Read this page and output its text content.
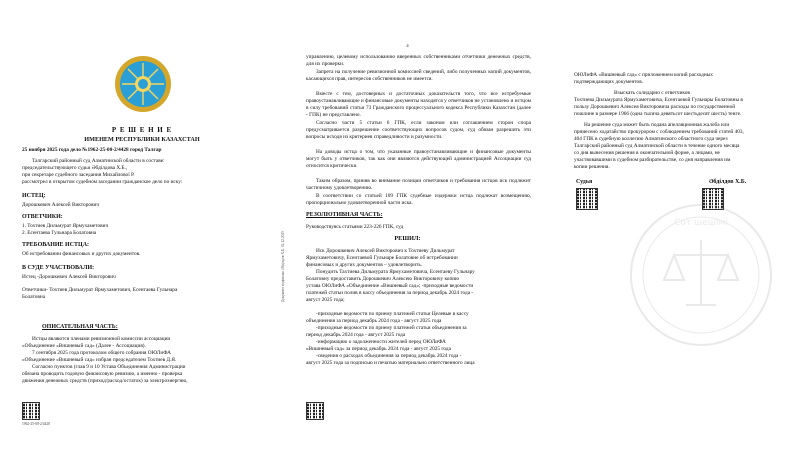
Р Е Ш Е Н И Е
ИМЕНЕМ РЕСПУБЛИКИ КАЗАХСТАН
25 ноября 2025 года дело №1962-25-00-2/4428 город Талгар
Талгарский районный суд Алматинской области в составе:
председательствующего судьи Әбділдова Х.Б.,
при секретаре судебного заседания Михайлової Р.
рассмотрел в открытом судебном заседании гражданское дело по иску:
ИСТЕЦ:
Дорошкевич Алексей Викторович
ОТВЕТЧИКИ:
1. Тохтиев Дильмурат Ярмухаметович
2. Есентаева Гульнара Болатовна
ТРЕБОВАНИЕ ИСТЦА:
Об истребовании финансовых и других документов.
В СУДЕ УЧАСТВОВАЛИ:
Истец -Дорошкевич Алексей Викторович
Ответчики- Тохтиев Дильмурат Ярмухаметович, Есентаева Гульнара
Болатовна
ОПИСАТЕЛЬНАЯ ЧАСТЬ:
Истцы являются членами ревизионной комиссии ассоциации
«Объединение «Вишневый сад» (Далее - Ассоциация).
7 сентября 2025 года протоколом общего собрания ОЮЛиФА
«Объединение «Вишневый сад» избран председателем Тохтиев Д.Я.
Согласно пунктов (глав 9 и 10 Устава Объединения Администрации
обязана проводить годовую финансовую ревизию, а именно - проверка
движения денежных средств (приход/расход/остаток) за электроэнергию,
1962-25-00-2/4428
4
Документ подписан: Әбділдов Х.Б. 02.12.2025
управлению, целевому использованию вверенных собственниками отчетчики денежных средств, для их проверки.
Запрета на получение ревизионной комиссией сведений, либо полученных копий документов, касающихся прав, интересов собственников не имеется.
Вместе с тем, достоверных и достаточных доказательств того, что все истребуемые правоустанавливающие и финансовые документы находятся у ответчиков не установлено и истцом в силу требований статьи 73 Гражданского процессуального кодекса Республики Казахстан (далее - ГПК) не представлено.
Согласно части 5 статьи 6 ГПК, если законом или соглашением сторон спора предусматривается разрешение соответствующих вопросов судом, суд обязан разрешить эти вопросы исходя из критериев справедливости и разумности.
На доводы истца о том, что указанные правоустанавливающие и финансовые документы могут быть у ответчиков, так как они являются действующей администрацией Ассоциации суд относится критически.
Таким образом, приняв во внимание позиции ответчиков и требования истцов иск подлежит частичному удовлетворению.
В соответствии со статьей 109 ГПК судебные издержки истца подлежат возмещению, пропорционально удовлетворенной части иска.
РЕЗОЛЮТИВНАЯ ЧАСТЬ:
Руководствуясь статьями 223-226 ГПК, суд
РЕШИЛ:
Иск Дорошкевич Алексей Викторович к Тохтиеву Дильмурат
Ярмухаметовичу, Есентаевой Гульнаре Болатовне об истребовании
финансовых и других документов – удовлетворить.
Понудить Тахтиева Дильмурата Ярмухаметовича, Есентаеву Гульнару
Болатовну предоставить Дорошкевич Алексею Викторовичу копию
устава ОЮЛиФА «Объединение «Вишневый сад»; -приходные ведомости
платежей статьи полив в кассу объединения за период декабрь 2024 года -
август 2025 года;
-приходные ведомости по приему платежей статьи Целевые в кассу
объединения за период декабрь 2024 года - август 2025 года
-приходные ведомости по приему платежей статьи объединения за
период декабрь 2024 года - август 2025 года
-информацию о задолженности жителей перед ОЮЛиФА
«Вишневый сад» за период декабрь 2024 года - август 2025 года
-сведения о расходах объединения за период декабрь 2024 года -
август 2025 года за подписью и печатью материально ответственного лица
ОЮЛиФА «Вишневый сад» с приложением копий расходных
подтверждающих документов.
Взыскать солидарно с ответчиков
Тохтиева Дильмурата Ярмухаметовича, Есентаевой Гульнары Болатовны в
пользу Дорошкевич Алексея Викторовича расходы по государственной
пошлине в размере 1966 (одна тысяча девятьсот шестьдесят шесть) тенге.
На решение суда может быть подана апелляционная жалоба или
принесено ходатайство прокурором с соблюдением требований статей 403,
404 ГПК в судебную коллегию Алматинского областного суда через
Талгарский районный суд Алматинской области в течение одного месяца
со дня вынесения решения в окончательной форме, а лицами, не
участвовавшими в судебном разбирательстве, со дня направления им
копии решения.
Судья	Әбділдов Х.Б.
Сот шешімі
